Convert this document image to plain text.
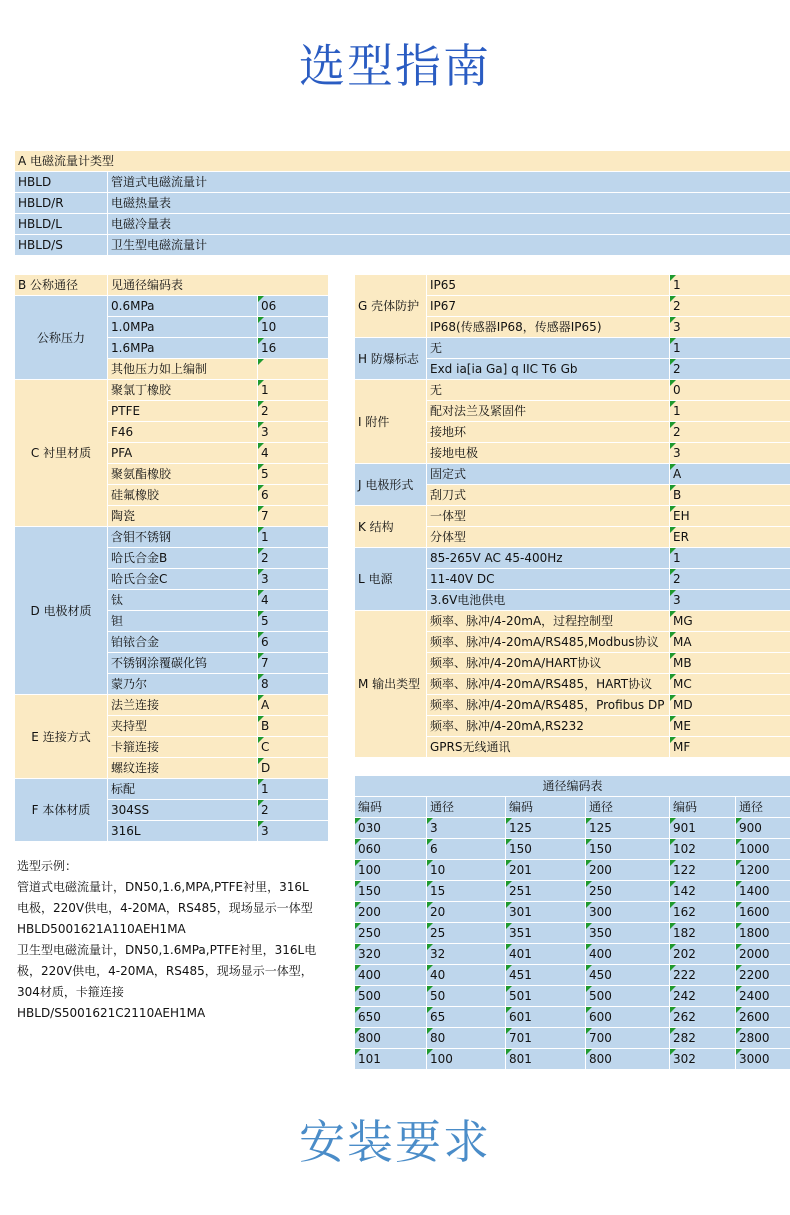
选型指南
A 电磁流量计类型	
HBLD	管道式电磁流量计
HBLD/R	电磁热量表
HBLD/L	电磁冷量表
HBLD/S	卫生型电磁流量计
B 公称通径	见通径编码表	
公称压力	0.6MPa	06
	1.0MPa	10
	1.6MPa	16
	其他压力如上编制	
C 衬里材质	聚氯丁橡胶	1
	PTFE	2
	F46	3
	PFA	4
	聚氨酯橡胶	5
	硅氟橡胶	6
	陶瓷	7
D 电极材质	含钼不锈钢	1
	哈氏合金B	2
	哈氏合金C	3
	钛	4
	钽	5
	铂铱合金	6
	不锈钢涂覆碳化钨	7
	蒙乃尔	8
E 连接方式	法兰连接	A
	夹持型	B
	卡箍连接	C
	螺纹连接	D
F 本体材质	标配	1
	304SS	2
	316L	3
G 壳体防护	IP65	1
	IP67	2
	IP68(传感器IP68，传感器IP65)	3
H 防爆标志	无	1
	Exd ia[ia Ga] q IIC T6 Gb	2
I 附件	无	0
	配对法兰及紧固件	1
	接地环	2
	接地电极	3
J 电极形式	固定式	A
	刮刀式	B
K 结构	一体型	EH
	分体型	ER
L 电源	85-265V AC 45-400Hz	1
	11-40V DC	2
	3.6V电池供电	3
M 输出类型	频率、脉冲/4-20mA，过程控制型	MG
	频率、脉冲/4-20mA/RS485,Modbus协议	MA
	频率、脉冲/4-20mA/HART协议	MB
	频率、脉冲/4-20mA/RS485，HART协议	MC
	频率、脉冲/4-20mA/RS485，Profibus DP	MD
	频率、脉冲/4-20mA,RS232	ME
	GPRS无线通讯	MF
通径编码表					
编码	通径	编码	通径	编码	通径
030	3	125	125	901	900
060	6	150	150	102	1000
100	10	201	200	122	1200
150	15	251	250	142	1400
200	20	301	300	162	1600
250	25	351	350	182	1800
320	32	401	400	202	2000
400	40	451	450	222	2200
500	50	501	500	242	2400
650	65	601	600	262	2600
800	80	701	700	282	2800
101	100	801	800	302	3000
选型示例：
管道式电磁流量计，DN50,1.6,MPA,PTFE衬里，316L
电极，220V供电，4-20MA，RS485，现场显示一体型
HBLD5001621A110AEH1MA
卫生型电磁流量计，DN50,1.6MPa,PTFE衬里，316L电
极，220V供电，4-20MA，RS485，现场显示一体型，
304材质，卡箍连接
HBLD/S5001621C2110AEH1MA
安装要求
